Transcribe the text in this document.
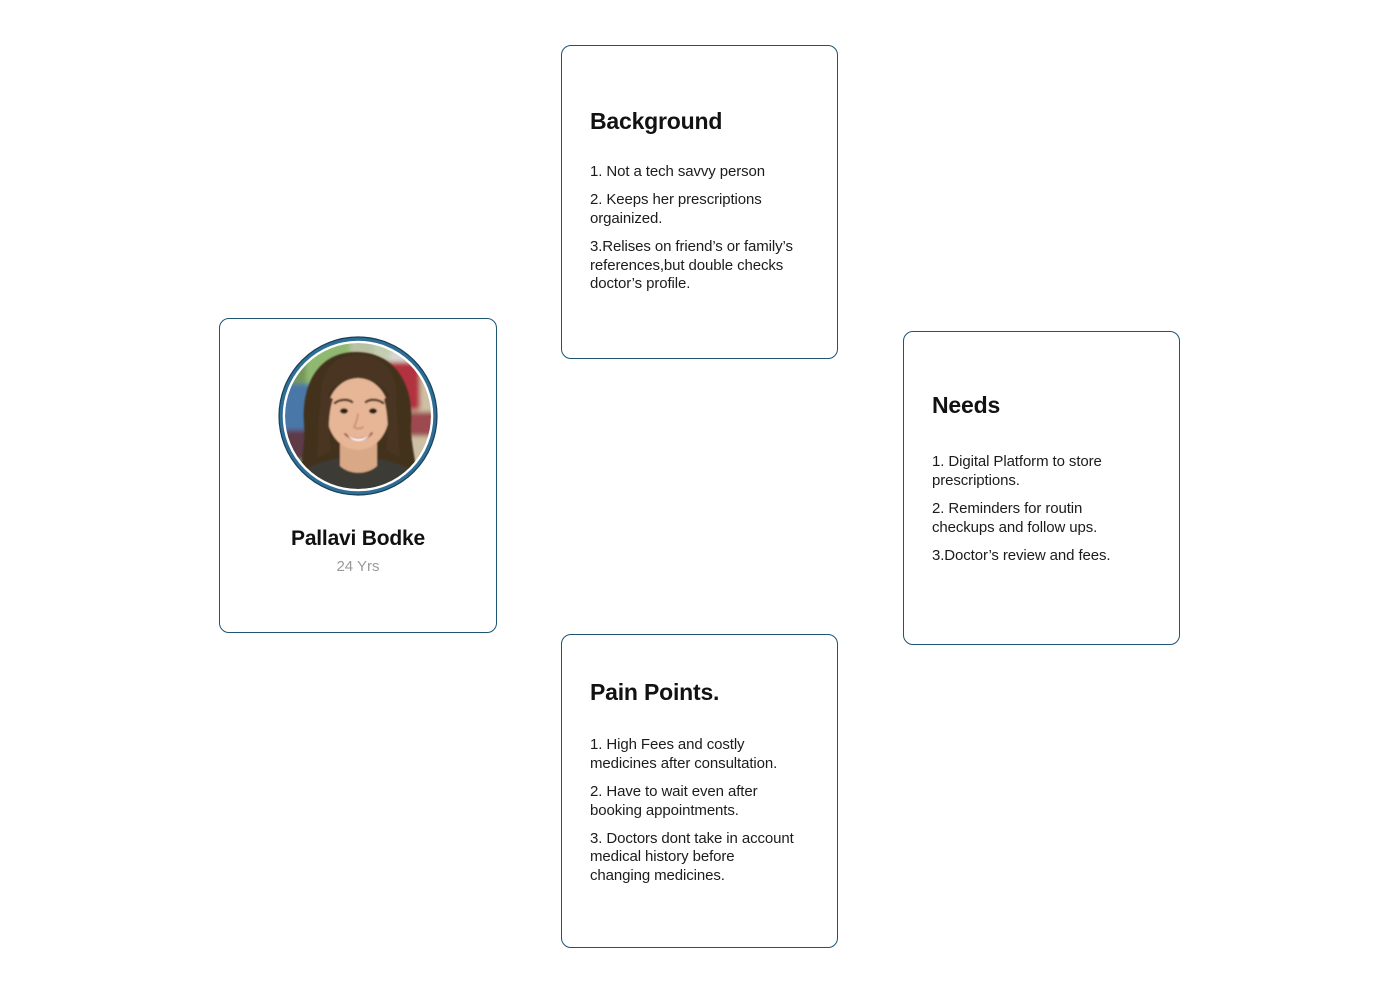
Pallavi Bodke
24 Yrs
Background

1. Not a tech savvy person

2. Keeps her prescriptions orgainized.

3.Relises on friend’s or family’s references,but double checks doctor’s profile.

Needs

1. Digital Platform to store prescriptions.

2. Reminders for routin checkups and follow ups.

3.Doctor’s review and fees.

Pain Points.

1. High Fees and costly medicines after consultation.

2. Have to wait even after booking appointments.

3. Doctors dont take in account medical history before changing medicines.
